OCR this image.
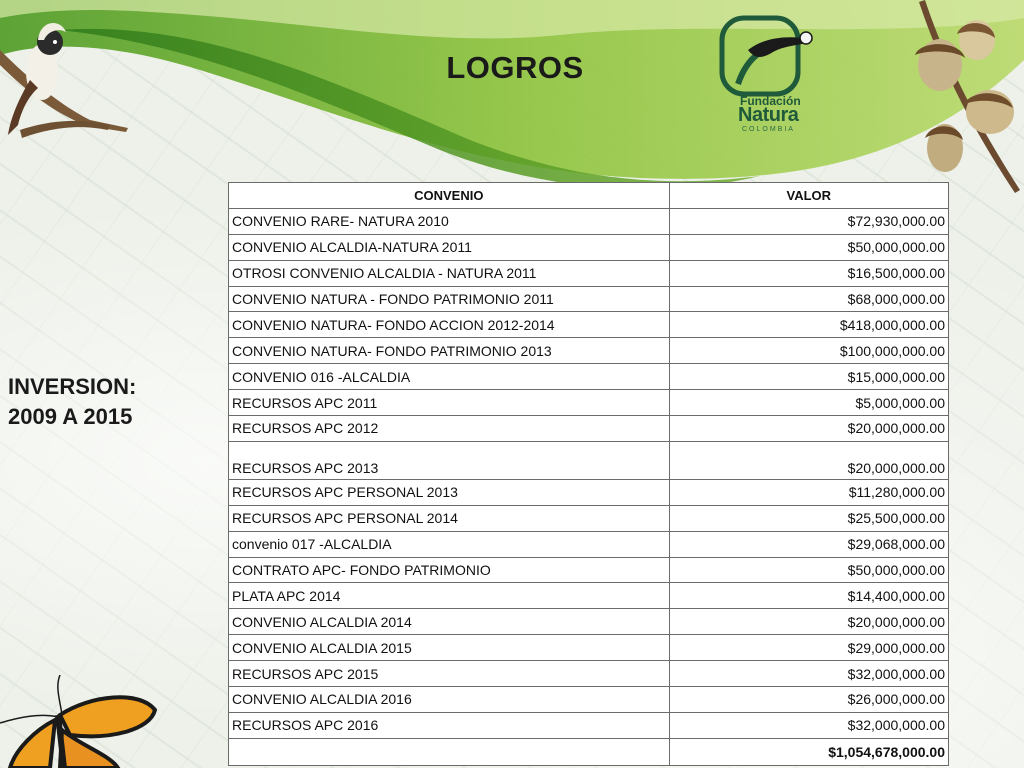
Fundación
Natura
COLOMBIA
LOGROS
INVERSION:
2009 A 2015
CONVENIO	VALOR
CONVENIO RARE- NATURA 2010	$72,930,000.00
CONVENIO ALCALDIA-NATURA 2011	$50,000,000.00
OTROSI CONVENIO ALCALDIA - NATURA 2011	$16,500,000.00
CONVENIO NATURA - FONDO PATRIMONIO 2011	$68,000,000.00
CONVENIO NATURA- FONDO ACCION 2012-2014	$418,000,000.00
CONVENIO NATURA- FONDO PATRIMONIO 2013	$100,000,000.00
CONVENIO 016 -ALCALDIA	$15,000,000.00
RECURSOS APC 2011	$5,000,000.00
RECURSOS APC 2012	$20,000,000.00
RECURSOS APC 2013	$20,000,000.00
RECURSOS APC PERSONAL 2013	$11,280,000.00
RECURSOS APC PERSONAL 2014	$25,500,000.00
convenio 017 -ALCALDIA	$29,068,000.00
CONTRATO APC- FONDO PATRIMONIO	$50,000,000.00
PLATA APC 2014	$14,400,000.00
CONVENIO ALCALDIA 2014	$20,000,000.00
CONVENIO ALCALDIA 2015	$29,000,000.00
RECURSOS APC 2015	$32,000,000.00
CONVENIO ALCALDIA 2016	$26,000,000.00
RECURSOS APC 2016	$32,000,000.00
	$1,054,678,000.00
